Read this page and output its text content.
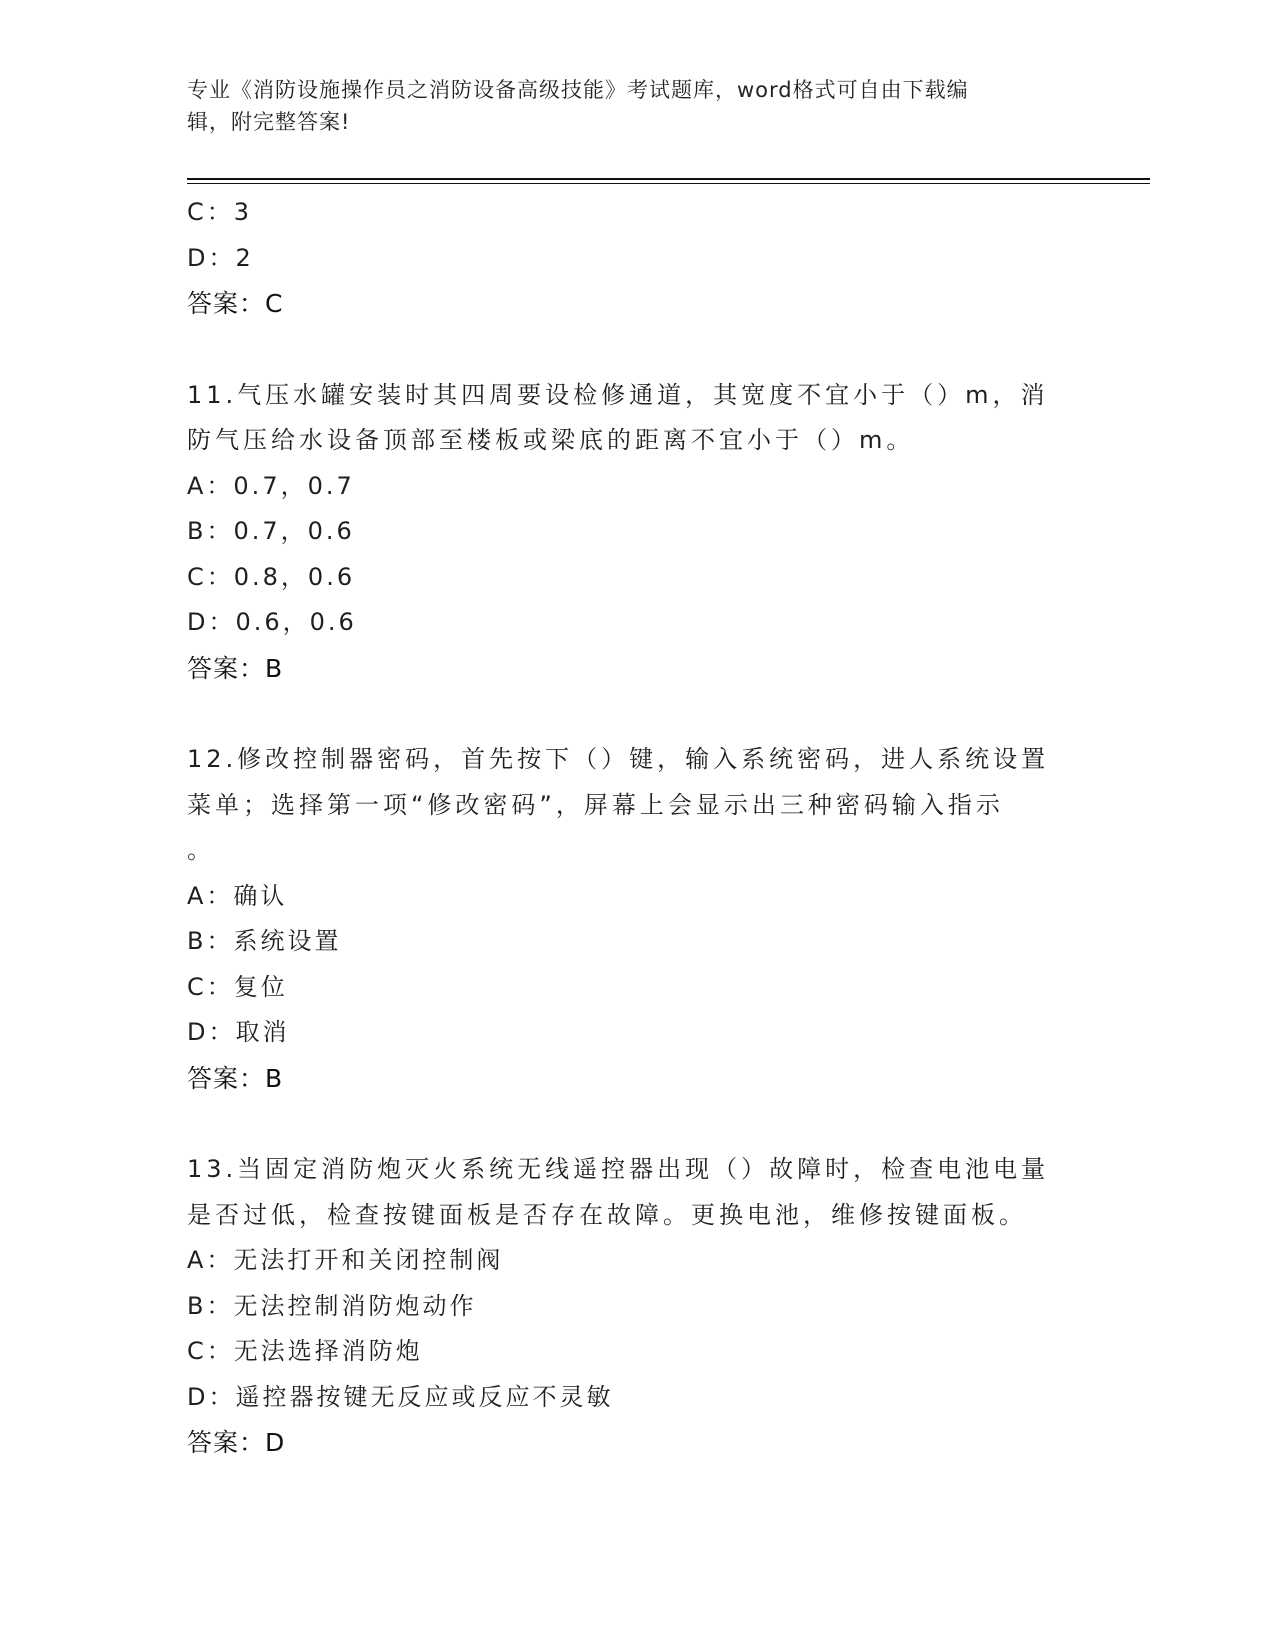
专业《消防设施操作员之消防设备高级技能》考试题库，word格式可自由下载编
辑，附完整答案!
C：3
D：2
答案：C
11.气压水罐安装时其四周要设检修通道，其宽度不宜小于（）m，消
防气压给水设备顶部至楼板或梁底的距离不宜小于（）m。
A：0.7，0.7
B：0.7，0.6
C：0.8，0.6
D：0.6，0.6
答案：B
12.修改控制器密码，首先按下（）键，输入系统密码，进人系统设置
菜单；选择第一项“修改密码”，屏幕上会显示出三种密码输入指示
。
A：确认
B：系统设置
C：复位
D：取消
答案：B
13.当固定消防炮灭火系统无线遥控器出现（）故障时，检查电池电量
是否过低，检查按键面板是否存在故障。更换电池，维修按键面板。
A：无法打开和关闭控制阀
B：无法控制消防炮动作
C：无法选择消防炮
D：遥控器按键无反应或反应不灵敏
答案：D
